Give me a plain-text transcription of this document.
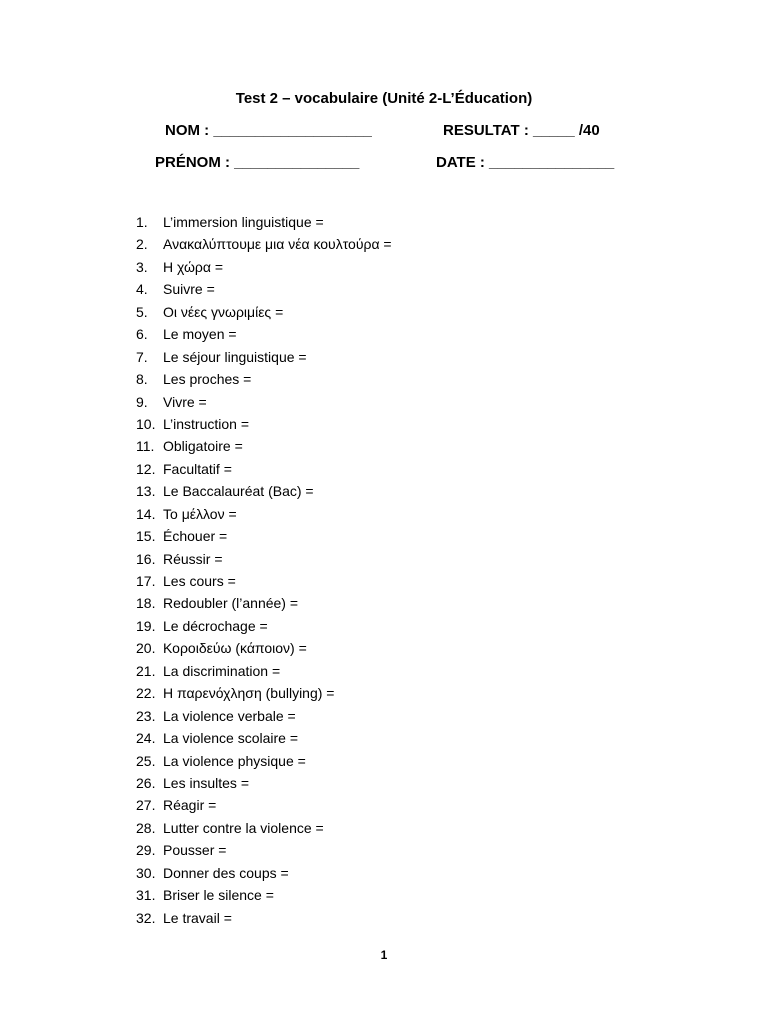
Test 2 – vocabulaire (Unité 2-L’Éducation)
NOM : ___________________	RESULTAT : _____ /40
PRÉNOM : _______________	DATE : _______________
1.	L’immersion linguistique =
2.	Ανακαλύπτουμε μια νέα κουλτούρα =
3.	Η χώρα =
4.	Suivre =
5.	Οι νέες γνωριμίες =
6.	Le moyen =
7.	Le séjour linguistique =
8.	Les proches =
9.	Vivre =
10. L’instruction =
11. Obligatoire =
12. Facultatif =
13. Le Baccalauréat (Bac) =
14. Το μέλλον =
15. Échouer =
16. Réussir =
17. Les cours =
18. Redoubler (l’année) =
19. Le décrochage =
20. Κοροιδεύω (κάποιον) =
21. La discrimination =
22. Η παρενόχληση (bullying) =
23. La violence verbale =
24. La violence scolaire =
25. La violence physique =
26. Les insultes =
27. Réagir =
28. Lutter contre la violence =
29. Pousser =
30. Donner des coups =
31. Briser le silence =
32. Le travail =
1
